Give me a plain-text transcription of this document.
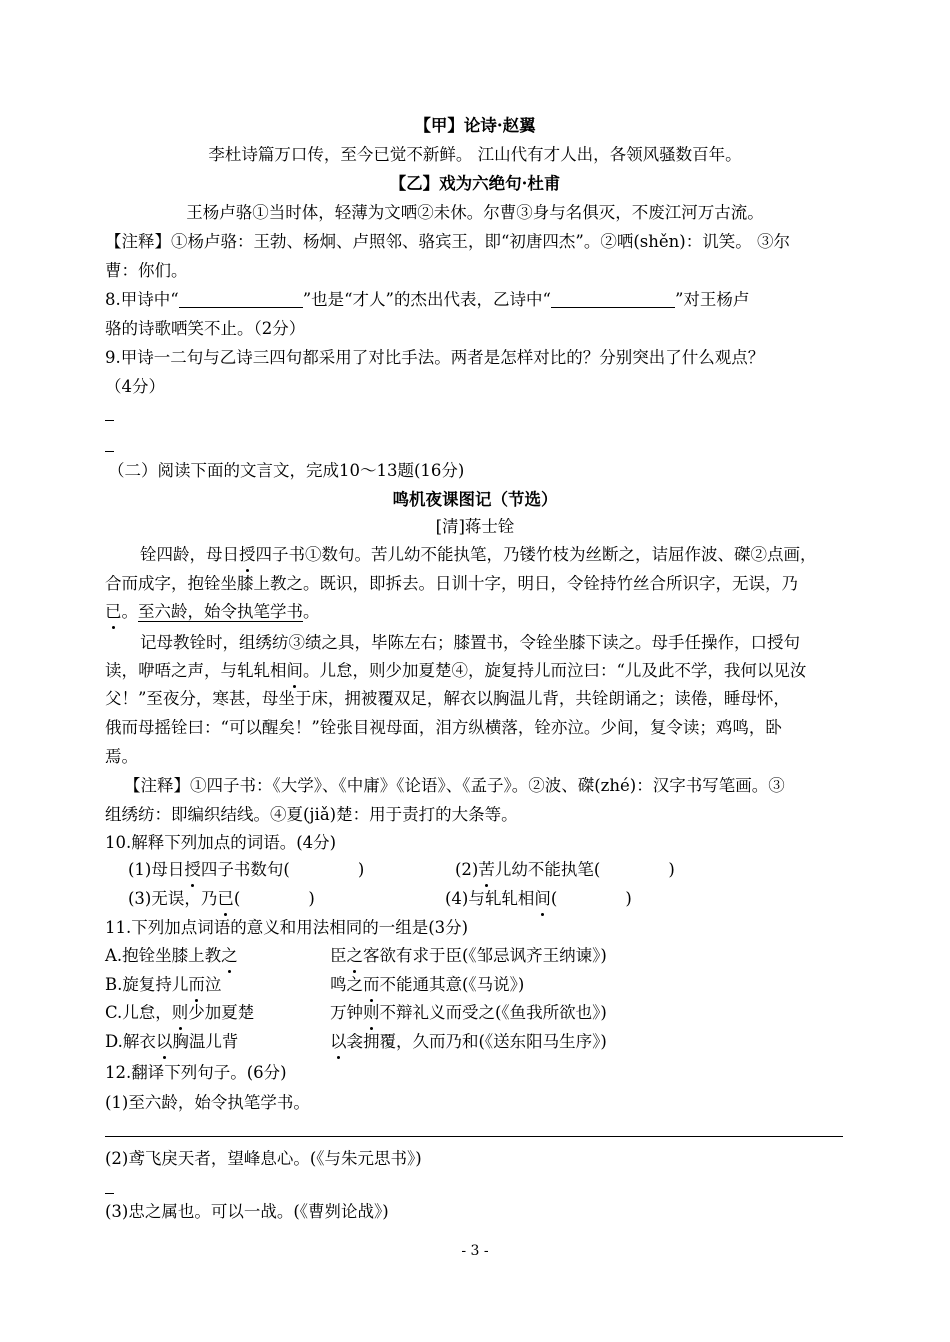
【甲】论诗·赵翼
李杜诗篇万口传，至今已觉不新鲜。 江山代有才人出，各领风骚数百年。
【乙】戏为六绝句·杜甫
王杨卢骆①当时体，轻薄为文哂②未休。尔曹③身与名俱灭，不废江河万古流。
【注释】①杨卢骆：王勃、杨炯、卢照邻、骆宾王，即“初唐四杰”。②哂(shěn)：讥笑。 ③尔
曹：你们。
8.甲诗中“	”也是“才人”的杰出代表，乙诗中“	”对王杨卢
骆的诗歌哂笑不止。（2分）
9.甲诗一二句与乙诗三四句都采用了对比手法。两者是怎样对比的？分别突出了什么观点？
（4分）
（二）阅读下面的文言文，完成10～13题(16分)
鸣机夜课图记（节选）
[清]蒋士铨
铨四龄，母日授四子书①数句。苦儿幼不能执笔，乃镂竹枝为丝断之，诘屈作波、磔②点画，
合而成字，抱铨坐膝上教之。既识，即拆去。日训十字，明日，令铨持竹丝合所识字，无误，乃
已。至六龄，始令执笔学书。
记母教铨时，组绣纺③绩之具，毕陈左右；膝置书，令铨坐膝下读之。母手任操作，口授句
读，咿唔之声，与轧轧相间。儿怠，则少加夏楚④，旋复持儿而泣曰：“儿及此不学，我何以见汝
父！”至夜分，寒甚，母坐于床，拥被覆双足，解衣以胸温儿背，共铨朗诵之；读倦，睡母怀，
俄而母摇铨曰：“可以醒矣！”铨张目视母面，泪方纵横落，铨亦泣。少间，复令读；鸡鸣，卧
焉。
【注释】①四子书：《大学》、《中庸》《论语》、《孟子》。②波、磔(zhé)：汉字书写笔画。③
组绣纺：即编织结线。④夏(jiǎ)楚：用于责打的大条等。
10.解释下列加点的词语。(4分)
(1)母日授四子书数句(	)	(2)苦儿幼不能执笔(	)
(3)无误，乃已(	)	(4)与轧轧相间(	)
11.下列加点词语的意义和用法相同的一组是(3分)
A.抱铨坐膝上教之	臣之客欲有求于臣(《邹忌讽齐王纳谏》)
B.旋复持儿而泣	鸣之而不能通其意(《马说》)
C.儿怠，则少加夏楚	万钟则不辩礼义而受之(《鱼我所欲也》)
D.解衣以胸温儿背	以衾拥覆，久而乃和(《送东阳马生序》)
12.翻译下列句子。(6分)
(1)至六龄，始令执笔学书。
(2)鸢飞戾天者，望峰息心。(《与朱元思书》)
(3)忠之属也。可以一战。(《曹刿论战》)
- 3 -
